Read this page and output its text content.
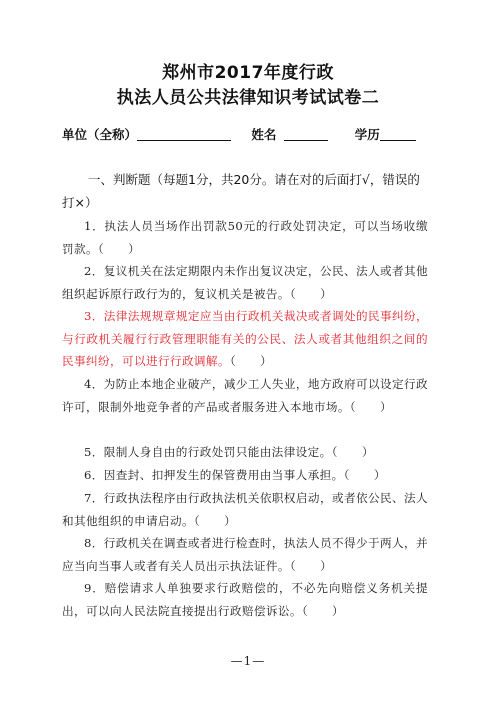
郑州市2017年度行政
执法人员公共法律知识考试试卷二
单位（全称）	姓名	学历
一、判断题（每题1分，共20分。请在对的后面打√，错误的打×）
1．执法人员当场作出罚款50元的行政处罚决定，可以当场收缴罚款。（　　）
2．复议机关在法定期限内未作出复议决定，公民、法人或者其他组织起诉原行政行为的，复议机关是被告。（　　）
3．法律法规规章规定应当由行政机关裁决或者调处的民事纠纷，与行政机关履行行政管理职能有关的公民、法人或者其他组织之间的民事纠纷，可以进行行政调解。（　　）
4．为防止本地企业破产，减少工人失业，地方政府可以设定行政许可，限制外地竞争者的产品或者服务进入本地市场。（　　）
5．限制人身自由的行政处罚只能由法律设定。（　　）
6．因查封、扣押发生的保管费用由当事人承担。（　　）
7．行政执法程序由行政执法机关依职权启动，或者依公民、法人和其他组织的申请启动。（　　）
8．行政机关在调查或者进行检查时，执法人员不得少于两人，并应当向当事人或者有关人员出示执法证件。（　　）
9．赔偿请求人单独要求行政赔偿的，不必先向赔偿义务机关提出，可以向人民法院直接提出行政赔偿诉讼。（　　）
—1—
